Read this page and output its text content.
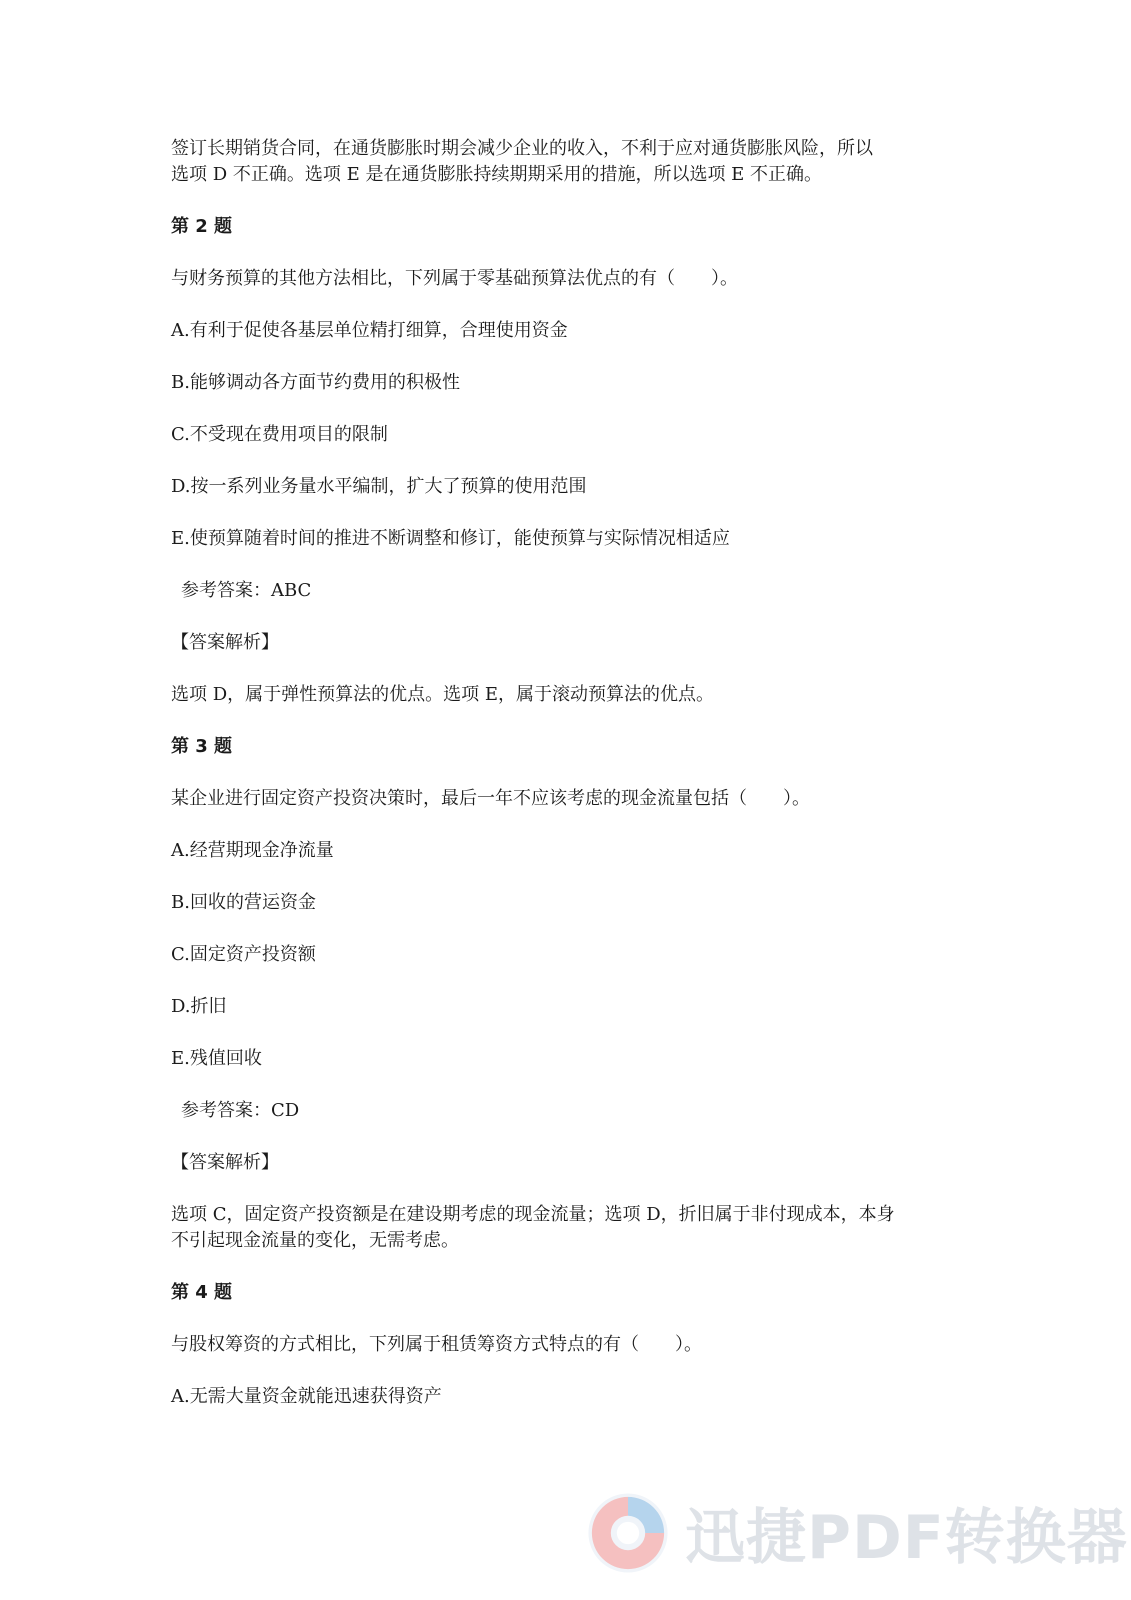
签订长期销货合同，在通货膨胀时期会减少企业的收入，不利于应对通货膨胀风险，所以
选项 D 不正确。选项 E 是在通货膨胀持续期期采用的措施，所以选项 E 不正确。
第 2 题
与财务预算的其他方法相比，下列属于零基础预算法优点的有（　　）。
A.有利于促使各基层单位精打细算，合理使用资金
B.能够调动各方面节约费用的积极性
C.不受现在费用项目的限制
D.按一系列业务量水平编制，扩大了预算的使用范围
E.使预算随着时间的推进不断调整和修订，能使预算与实际情况相适应
参考答案：ABC
【答案解析】
选项 D，属于弹性预算法的优点。选项 E，属于滚动预算法的优点。
第 3 题
某企业进行固定资产投资决策时，最后一年不应该考虑的现金流量包括（　　）。
A.经营期现金净流量
B.回收的营运资金
C.固定资产投资额
D.折旧
E.残值回收
参考答案：CD
【答案解析】
选项 C，固定资产投资额是在建设期考虑的现金流量；选项 D，折旧属于非付现成本，本身
不引起现金流量的变化，无需考虑。
第 4 题
与股权筹资的方式相比，下列属于租赁筹资方式特点的有（　　）。
A.无需大量资金就能迅速获得资产
迅捷PDF转换器
